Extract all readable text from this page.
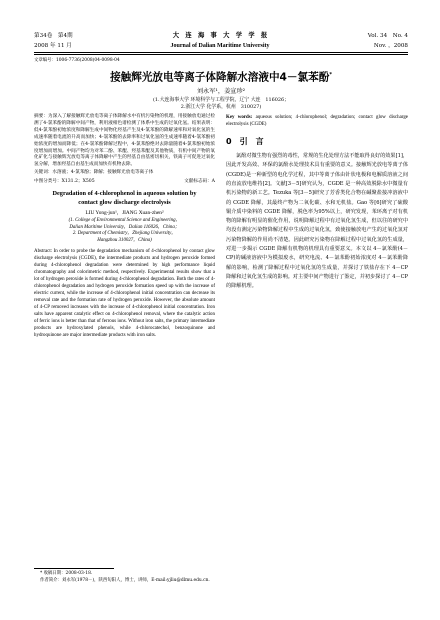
第34卷　第4期	大　连　海　事　大　学　学　报	Vol. 34　No. 4
2008 年 11 月	Journal of Dalian Maritime University	Nov. ，2008
文章编号：1006-7736(2008)04-0098-04
接触辉光放电等离子体降解水溶液中4－氯苯酚*
刘永军¹，姜宣珍²
(1.大连海事大学 环境科学与工程学院，辽宁 大连　116026；
2.浙江大学 化学系，杭州　310027)
摘要：为深入了解接触辉光放电等离子体降解水中有机污染物的机理，用接触放电通过检测了4-氯苯酚的降解中间产物，利用液相色谱检测了体系中生成的过氧化氢。结果表明：低4-氯苯酚初始浓度和降解生成中间物化羟基产生及4-氯苯酚的降解速率和对氧化氢的生成速率随着电流的升高而加快；4-氯苯酚的去除率和过氧化氢的生成速率随着4-氯苯酚初始浓度的增加而降低；在4-氯苯酚降解过程中，4-氯苯酚绝对去除量随着4-氯苯酚初始浓度增加而增加。中间产物均为对苯二酚、苯醌、羟基苯醌及其他物质，有机中间产物的氧化矿化与接触辉光放电等离子体降解中产生的羟基自由基密切相关，铁离子可促进过氧化氢分解，增加羟基自由基生成而加快有机物去除。
关键词：水溶液；4-氯苯酚；降解；接触辉光放电等离子体
中图分类号：X131.2；X505	文献标志码：A
Degradation of 4-chlorophenol in aqueous solution by contact glow discharge electrolysis
LIU Yong-jun¹，JIANG Xuan-zhen²
(1. College of Environmental Science and Engineering，
Dalian Maritime University，Dalian 116026，China；
2. Department of Chemistry，Zhejiang University，
Hangzhou 310027，China)
Abstract: In order to probe the degradation mechanism of 4-chlorophenol by contact glow discharge electrolysis (CGDE), the intermediate products and hydrogen peroxide formed during 4-chlorophenol degradation were determined by high performance liquid chromatography and colorimetric method, respectively. Experimental results show that a lot of hydrogen peroxide is formed during 4-chlorophenol degradation. Both the rates of 4-chlorophenol degradation and hydrogen peroxide formation speed up with the increase of electric current, while the increase of 4-chlorophenol initial concentration can decrease its removal rate and the formation rate of hydrogen peroxide. However, the absolute amount of 4-CP removed increases with the increase of 4-chlorophenol initial concentration. Iron salts have apparent catalytic effect on 4-chlorophenol removal, where the catalytic action of ferric ions is better than that of ferrous ions. Without iron salts, the primary intermediate products are hydroxylated phenols, while 4-chlorocatechol, benzoquinone and hydroquinone are major intermediate products with iron salts.
Key words: aqueous solution; 4-chlorophenol; degradation; contact glow discharge electrolysis (CGDE)
0　引　言
氯酚对微生物有强烈的毒性，常规的生化处理方法不能取得良好的效果[1]，因此开发高效、环保的氯酚水处理技术具有重要的意义。接触辉光放电等离子体(CGDE)是一种新型的电化学过程，其中等离子体由针状电极和电解质溶液之间的直流放电维持[2]。文献[3－5]研究认为，CGDE 是一种高效脱除水中微量有机污染物的新工艺。Tezuka 等[3－5]研究了芳香类化合物在碱聚盐接冲溶液中的 CGDE 降解，其最终产物为二氧化碳、水和无机盐。Gao 等[6]研究了硫酸铜介质中染料的 CGDE 降解，脱色率为95%以上，研究发现，苯环离子对有机物的降解有明显的催化作用，说明降解过程中有过氧化氢生成，但以往的研究中均没有测定污染物降解过程中生成的过氧化氢，致使接触放电产生的过氧化氢对污染物降解的作用尚不清楚。因此研究污染物在降解过程中过氧化氢的生成量，对进一步揭示 CGDE 降解有机物的机理具有重要意义。本文以 4－氯苯酚(4－CP)的碱液溶液中为模拟废水，研究电流、4－氯苯酚初始浓度对 4－氯苯酚降解的影响，检测了降解过程中过氧化氢的生成量，并探讨了铁盐存在下 4－CP 降解和过氧化氢生成的影响。对主要中间产物进行了鉴定，并初步探讨了 4－CP 的降解机理。
* 收稿日期：2008-03-18.
作者简介：刘永军(1978－)，陕西旬阳人，博士，讲师，E-mail:yjliu@dlmu.edu.cn.
